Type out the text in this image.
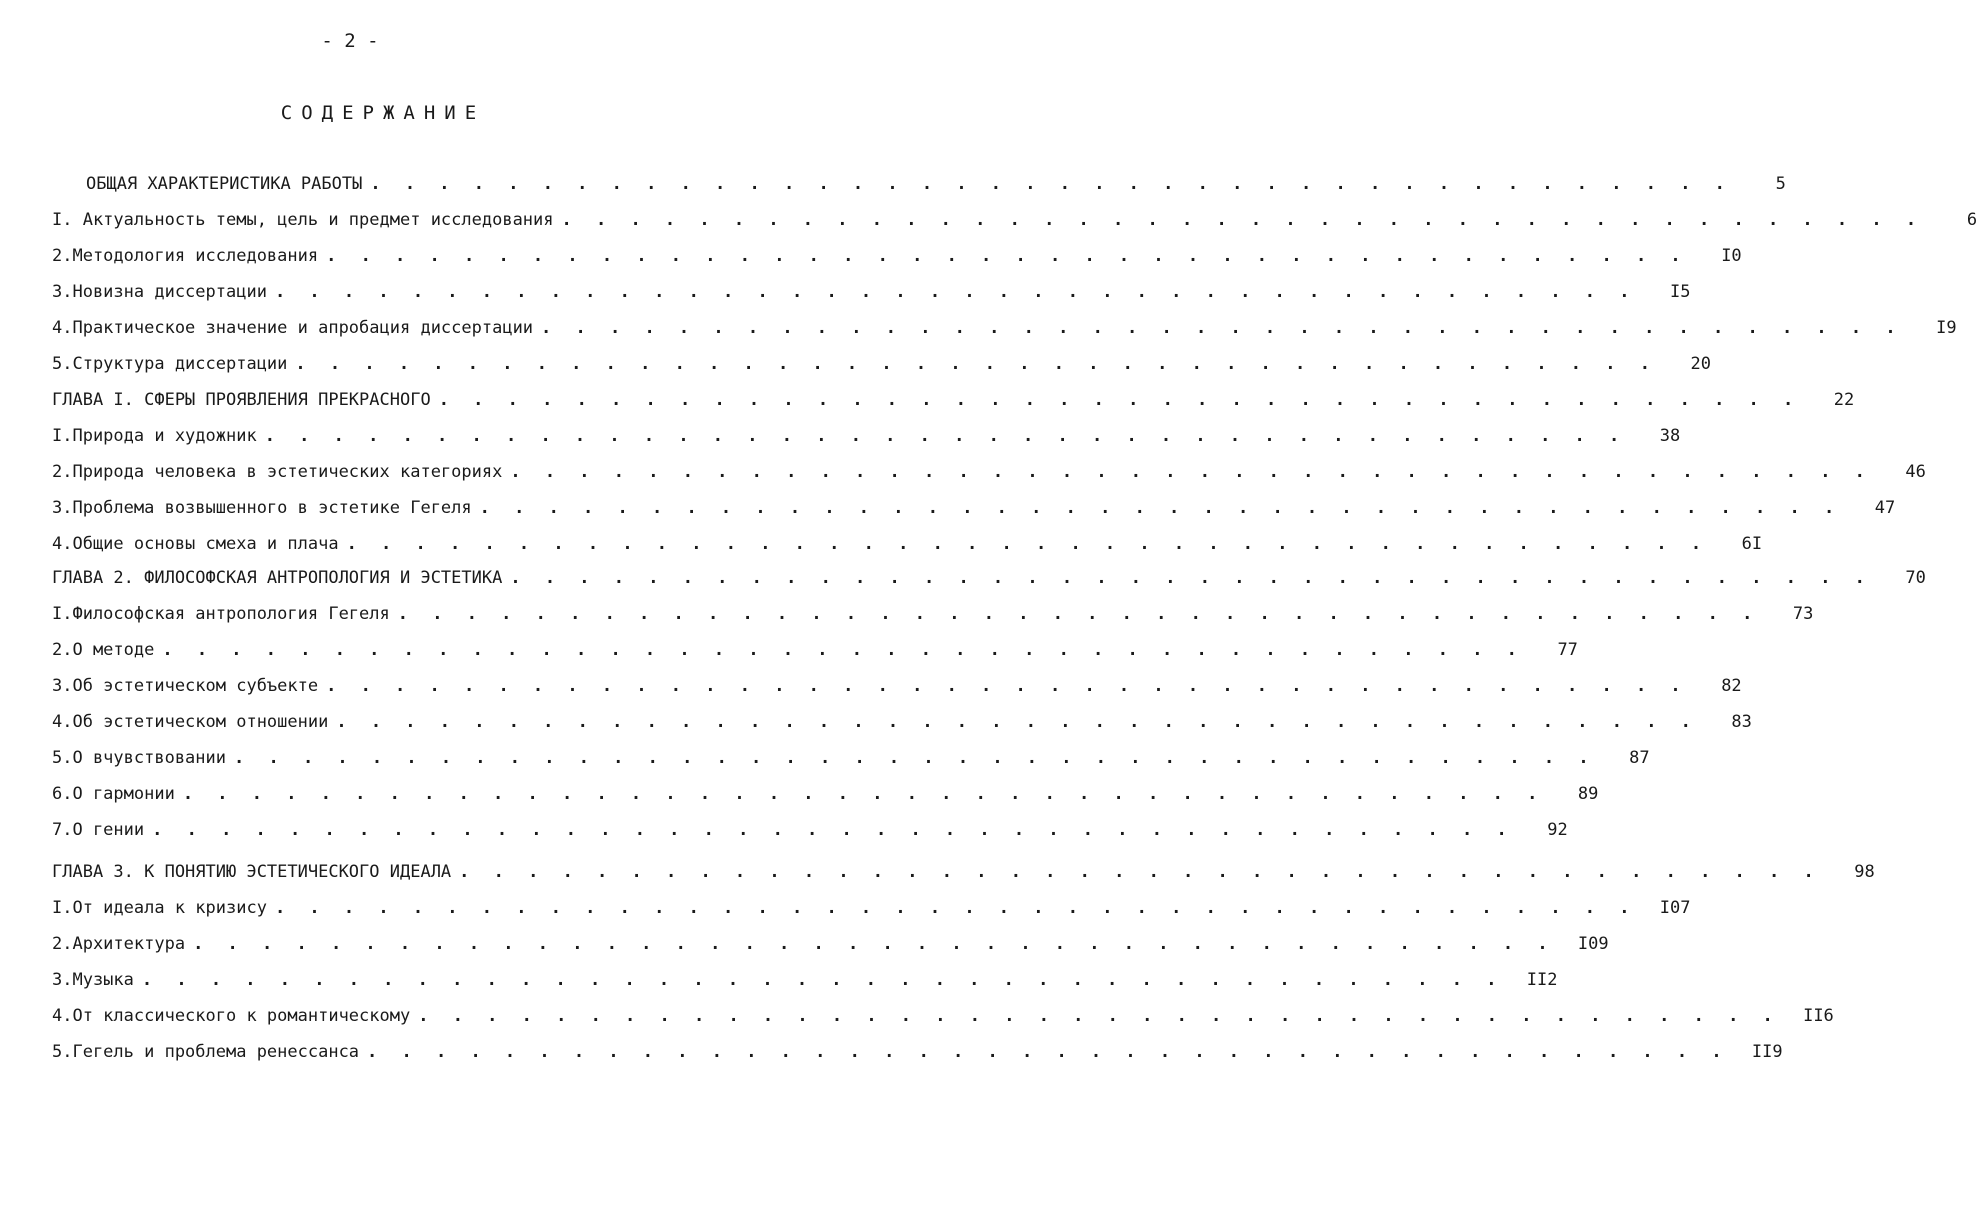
- 2 -
СОДЕРЖАНИЕ
ОБЩАЯ ХАРАКТЕРИСТИКА РАБОТЫ . . . . . . . . . . . . . . . . . . . . . . . . . . . . . . . . . . . . . . . .	5
I. Актуальность темы, цель и предмет исследования . . . . . . . . . . . . . . . . . . . . . . . . . . . . . . . . . . . . . . . .	6
2.Методология исследования . . . . . . . . . . . . . . . . . . . . . . . . . . . . . . . . . . . . . . . .	I0
3.Новизна диссертации . . . . . . . . . . . . . . . . . . . . . . . . . . . . . . . . . . . . . . . .	I5
4.Практическое значение и апробация диссертации . . . . . . . . . . . . . . . . . . . . . . . . . . . . . . . . . . . . . . . .	I9
5.Структура диссертации . . . . . . . . . . . . . . . . . . . . . . . . . . . . . . . . . . . . . . . .	20
ГЛАВА I. СФЕРЫ ПРОЯВЛЕНИЯ ПРЕКРАСНОГО . . . . . . . . . . . . . . . . . . . . . . . . . . . . . . . . . . . . . . . .	22
I.Природа и художник . . . . . . . . . . . . . . . . . . . . . . . . . . . . . . . . . . . . . . . .	38
2.Природа человека в эстетических категориях . . . . . . . . . . . . . . . . . . . . . . . . . . . . . . . . . . . . . . . .	46
3.Проблема возвышенного в эстетике Гегеля . . . . . . . . . . . . . . . . . . . . . . . . . . . . . . . . . . . . . . . .	47
4.Общие основы смеха и плача . . . . . . . . . . . . . . . . . . . . . . . . . . . . . . . . . . . . . . . .	6I
ГЛАВА 2. ФИЛОСОФСКАЯ АНТРОПОЛОГИЯ И ЭСТЕТИКА . . . . . . . . . . . . . . . . . . . . . . . . . . . . . . . . . . . . . . . .	70
I.Философская антропология Гегеля . . . . . . . . . . . . . . . . . . . . . . . . . . . . . . . . . . . . . . . .	73
2.О методе . . . . . . . . . . . . . . . . . . . . . . . . . . . . . . . . . . . . . . . .	77
3.Об эстетическом субъекте . . . . . . . . . . . . . . . . . . . . . . . . . . . . . . . . . . . . . . . .	82
4.Об эстетическом отношении . . . . . . . . . . . . . . . . . . . . . . . . . . . . . . . . . . . . . . . .	83
5.О вчувствовании . . . . . . . . . . . . . . . . . . . . . . . . . . . . . . . . . . . . . . . .	87
6.О гармонии . . . . . . . . . . . . . . . . . . . . . . . . . . . . . . . . . . . . . . . .	89
7.О гении . . . . . . . . . . . . . . . . . . . . . . . . . . . . . . . . . . . . . . . .	92
ГЛАВА 3. К ПОНЯТИЮ ЭСТЕТИЧЕСКОГО ИДЕАЛА . . . . . . . . . . . . . . . . . . . . . . . . . . . . . . . . . . . . . . . .	98
I.От идеала к кризису . . . . . . . . . . . . . . . . . . . . . . . . . . . . . . . . . . . . . . . .	I07
2.Архитектура . . . . . . . . . . . . . . . . . . . . . . . . . . . . . . . . . . . . . . . .	I09
3.Музыка . . . . . . . . . . . . . . . . . . . . . . . . . . . . . . . . . . . . . . . .	II2
4.От классического к романтическому . . . . . . . . . . . . . . . . . . . . . . . . . . . . . . . . . . . . . . . .	II6
5.Гегель и проблема ренессанса . . . . . . . . . . . . . . . . . . . . . . . . . . . . . . . . . . . . . . . .	II9
